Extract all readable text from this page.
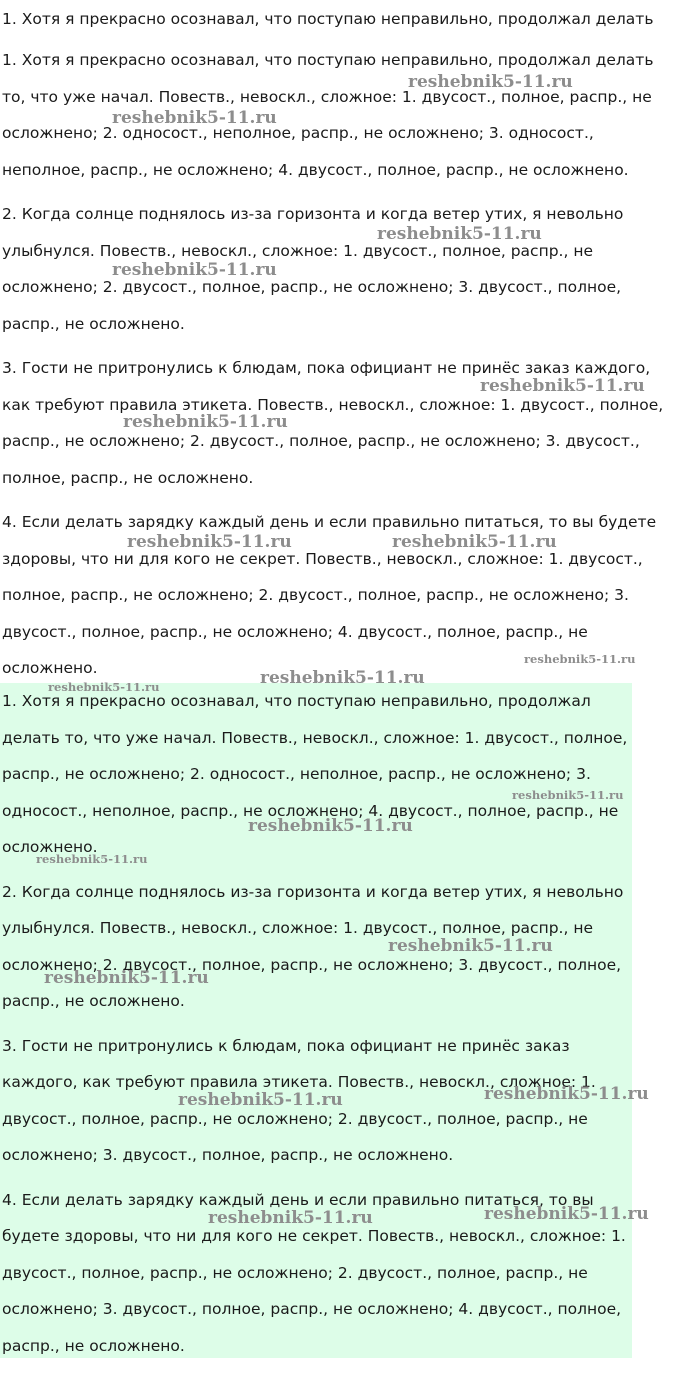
1. Хотя я прекрасно осознавал, что поступаю неправильно, продолжал делать

1. Хотя я прекрасно осознавал, что поступаю неправильно, продолжал делать то, что уже начал. Повеств., невоскл., сложное: 1. двусост., полное, распр., не осложнено; 2. односост., неполное, распр., не осложнено; 3. односост., неполное, распр., не осложнено; 4. двусост., полное, распр., не осложнено.

2. Когда солнце поднялось из-за горизонта и когда ветер утих, я невольно улыбнулся. Повеств., невоскл., сложное: 1. двусост., полное, распр., не осложнено; 2. двусост., полное, распр., не осложнено; 3. двусост., полное, распр., не осложнено.

3. Гости не притронулись к блюдам, пока официант не принёс заказ каждого, как требуют правила этикета. Повеств., невоскл., сложное: 1. двусост., полное, распр., не осложнено; 2. двусост., полное, распр., не осложнено; 3. двусост., полное, распр., не осложнено.

4. Если делать зарядку каждый день и если правильно питаться, то вы будете здоровы, что ни для кого не секрет. Повеств., невоскл., сложное: 1. двусост., полное, распр., не осложнено; 2. двусост., полное, распр., не осложнено; 3. двусост., полное, распр., не осложнено; 4. двусост., полное, распр., не осложнено.

1. Хотя я прекрасно осознавал, что поступаю неправильно, продолжал делать то, что уже начал. Повеств., невоскл., сложное: 1. двусост., полное, распр., не осложнено; 2. односост., неполное, распр., не осложнено; 3. односост., неполное, распр., не осложнено; 4. двусост., полное, распр., не осложнено.

2. Когда солнце поднялось из-за горизонта и когда ветер утих, я невольно улыбнулся. Повеств., невоскл., сложное: 1. двусост., полное, распр., не осложнено; 2. двусост., полное, распр., не осложнено; 3. двусост., полное, распр., не осложнено.

3. Гости не притронулись к блюдам, пока официант не принёс заказ каждого, как требуют правила этикета. Повеств., невоскл., сложное: 1. двусост., полное, распр., не осложнено; 2. двусост., полное, распр., не осложнено; 3. двусост., полное, распр., не осложнено.

4. Если делать зарядку каждый день и если правильно питаться, то вы будете здоровы, что ни для кого не секрет. Повеств., невоскл., сложное: 1. двусост., полное, распр., не осложнено; 2. двусост., полное, распр., не осложнено; 3. двусост., полное, распр., не осложнено; 4. двусост., полное, распр., не осложнено.

reshebnik5-11.ru
reshebnik5-11.ru
reshebnik5-11.ru
reshebnik5-11.ru
reshebnik5-11.ru
reshebnik5-11.ru
reshebnik5-11.ru	reshebnik5-11.ru
reshebnik5-11.ru
reshebnik5-11.ru
reshebnik5-11.ru
reshebnik5-11.ru
reshebnik5-11.ru
reshebnik5-11.ru
reshebnik5-11.ru
reshebnik5-11.ru
reshebnik5-11.ru	reshebnik5-11.ru
reshebnik5-11.ru	reshebnik5-11.ru
